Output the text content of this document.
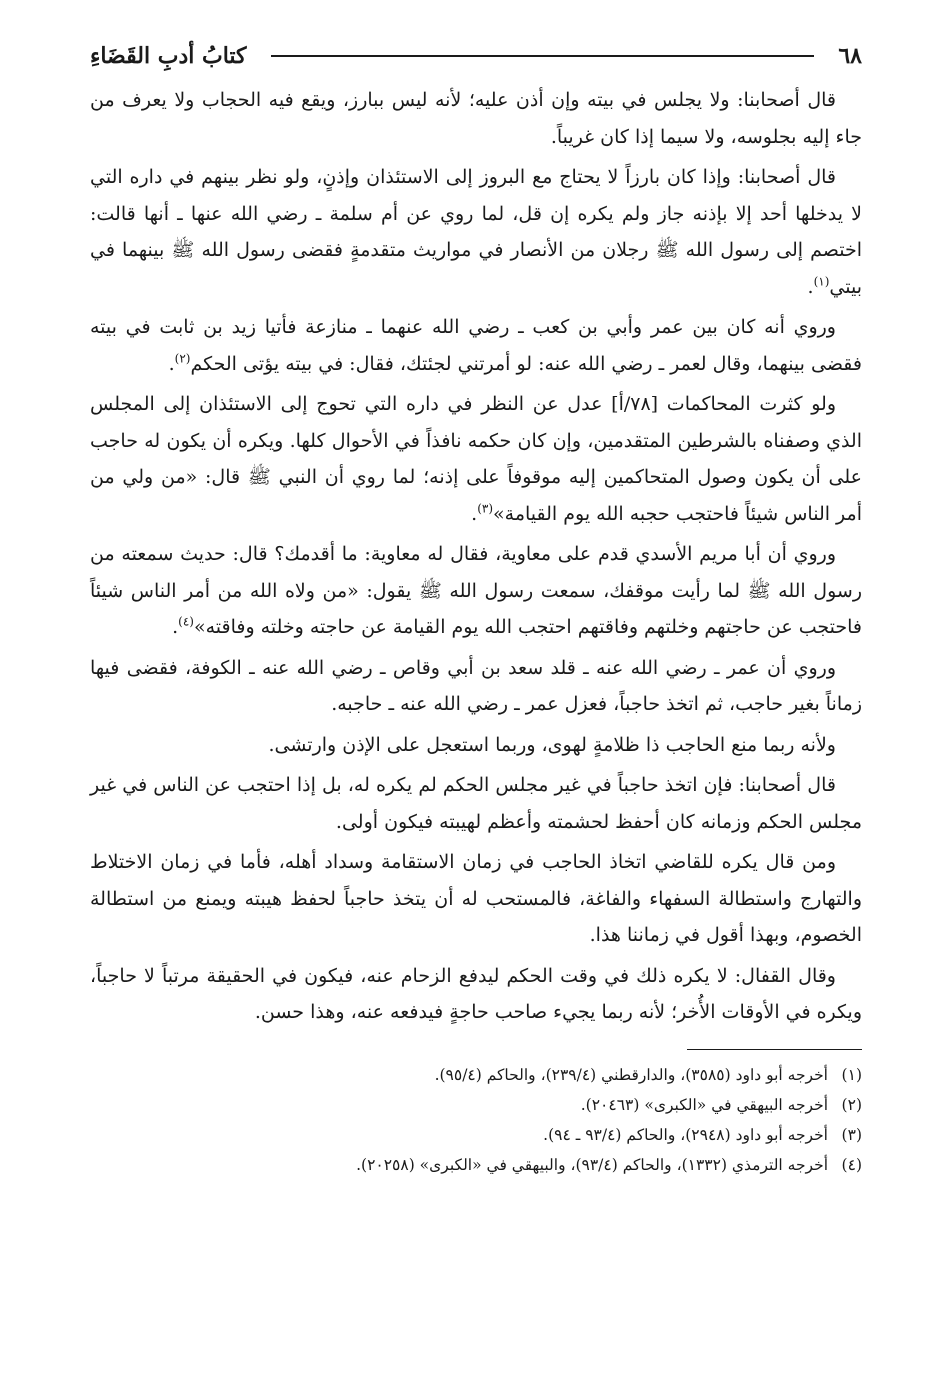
٦٨
كتابُ أدبِ القَضَاءِ

قال أصحابنا: ولا يجلس في بيته وإن أذن عليه؛ لأنه ليس ببارز، ويقع فيه الحجاب ولا يعرف من جاء إليه بجلوسه، ولا سيما إذا كان غريباً.

قال أصحابنا: وإذا كان بارزاً لا يحتاج مع البروز إلى الاستئذان وإذنٍ، ولو نظر بينهم في داره التي لا يدخلها أحد إلا بإذنه جاز ولم يكره إن قل، لما روي عن أم سلمة ـ رضي الله عنها ـ أنها قالت: اختصم إلى رسول الله ﷺ رجلان من الأنصار في مواريث متقدمةٍ فقضى رسول الله ﷺ بينهما في بيتي$^{(١)}$.

وروي أنه كان بين عمر وأبي بن كعب ـ رضي الله عنهما ـ منازعة فأتيا زيد بن ثابت في بيته فقضى بينهما، وقال لعمر ـ رضي الله عنه: لو أمرتني لجئتك، فقال: في بيته يؤتى الحكم$^{(٢)}$.

ولو كثرت المحاكمات [٧٨/أ] عدل عن النظر في داره التي تحوج إلى الاستئذان إلى المجلس الذي وصفناه بالشرطين المتقدمين، وإن كان حكمه نافذاً في الأحوال كلها. ويكره أن يكون له حاجب على أن يكون وصول المتحاكمين إليه موقوفاً على إذنه؛ لما روي أن النبي ﷺ قال: «من ولي من أمر الناس شيئاً فاحتجب حجبه الله يوم القيامة»$^{(٣)}$.

وروي أن أبا مريم الأسدي قدم على معاوية، فقال له معاوية: ما أقدمك؟ قال: حديث سمعته من رسول الله ﷺ لما رأيت موقفك، سمعت رسول الله ﷺ يقول: «من ولاه الله من أمر الناس شيئاً فاحتجب عن حاجتهم وخلتهم وفاقتهم احتجب الله يوم القيامة عن حاجته وخلته وفاقته»$^{(٤)}$.

وروي أن عمر ـ رضي الله عنه ـ قلد سعد بن أبي وقاص ـ رضي الله عنه ـ الكوفة، فقضى فيها زماناً بغير حاجب، ثم اتخذ حاجباً، فعزل عمر ـ رضي الله عنه ـ حاجبه.

ولأنه ربما منع الحاجب ذا ظلامةٍ لهوى، وربما استعجل على الإذن وارتشى.

قال أصحابنا: فإن اتخذ حاجباً في غير مجلس الحكم لم يكره له، بل إذا احتجب عن الناس في غير مجلس الحكم وزمانه كان أحفظ لحشمته وأعظم لهيبته فيكون أولى.

ومن قال يكره للقاضي اتخاذ الحاجب في زمان الاستقامة وسداد أهله، فأما في زمان الاختلاط والتهارج واستطالة السفهاء والفاغة، فالمستحب له أن يتخذ حاجباً لحفظ هيبته ويمنع من استطالة الخصوم، وبهذا أقول في زماننا هذا.

وقال القفال: لا يكره ذلك في وقت الحكم ليدفع الزحام عنه، فيكون في الحقيقة مرتباً لا حاجباً، ويكره في الأوقات الأُخر؛ لأنه ربما يجيء صاحب حاجةٍ فيدفعه عنه، وهذا حسن.

(١)أخرجه أبو داود (٣٥٨٥)، والدارقطني (٢٣٩/٤)، والحاكم (٩٥/٤).

(٢)أخرجه البيهقي في «الكبرى» (٢٠٤٦٣).

(٣)أخرجه أبو داود (٢٩٤٨)، والحاكم (٩٣/٤ ـ ٩٤).

(٤)أخرجه الترمذي (١٣٣٢)، والحاكم (٩٣/٤)، والبيهقي في «الكبرى» (٢٠٢٥٨).
